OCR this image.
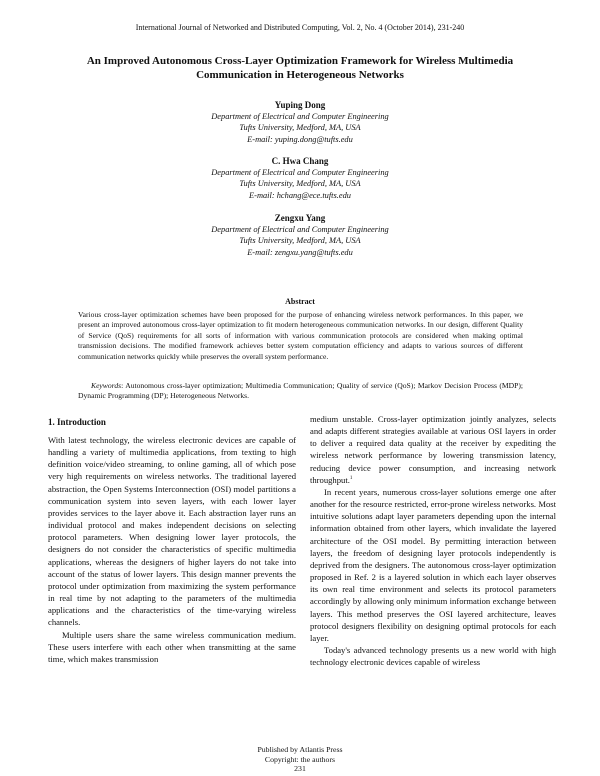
International Journal of Networked and Distributed Computing, Vol. 2, No. 4 (October 2014), 231-240
An Improved Autonomous Cross-Layer Optimization Framework for Wireless Multimedia
Communication in Heterogeneous Networks
Yuping Dong
Department of Electrical and Computer Engineering
Tufts University, Medford, MA, USA
E-mail: yuping.dong@tufts.edu
C. Hwa Chang
Department of Electrical and Computer Engineering
Tufts University, Medford, MA, USA
E-mail: hchang@ece.tufts.edu
Zengxu Yang
Department of Electrical and Computer Engineering
Tufts University, Medford, MA, USA
E-mail: zengxu.yang@tufts.edu
Abstract
Various cross-layer optimization schemes have been proposed for the purpose of enhancing wireless network performances. In this paper, we present an improved autonomous cross-layer optimization to fit modern heterogeneous communication networks. In our design, different Quality of Service (QoS) requirements for all sorts of information with various communication protocols are considered when making optimal transmission decisions. The modified framework achieves better system computation efficiency and adapts to various sources of different communication networks quickly while preserves the overall system performance.
Keywords: Autonomous cross-layer optimization; Multimedia Communication; Quality of service (QoS); Markov Decision Process (MDP); Dynamic Programming (DP); Heterogeneous Networks.
1. Introduction

With latest technology, the wireless electronic devices are capable of handling a variety of multimedia applications, from texting to high definition voice/video streaming, to online gaming, all of which pose very high requirements on wireless networks. The traditional layered abstraction, the Open Systems Interconnection (OSI) model partitions a communication system into seven layers, with each lower layer provides services to the layer above it. Each abstraction layer runs an individual protocol and makes independent decisions on selecting protocol parameters. When designing lower layer protocols, the designers do not consider the characteristics of specific multimedia applications, whereas the designers of higher layers do not take into account of the status of lower layers. This design manner prevents the protocol under optimization from maximizing the system performance in real time by not adapting to the parameters of the multimedia applications and the characteristics of the time-varying wireless channels.

Multiple users share the same wireless communication medium. These users interfere with each other when transmitting at the same time, which makes transmission

medium unstable. Cross-layer optimization jointly analyzes, selects and adapts different strategies available at various OSI layers in order to deliver a required data quality at the receiver by expediting the wireless network performance by lowering transmission latency, reducing device power consumption, and increasing network throughput.$^1$

In recent years, numerous cross-layer solutions emerge one after another for the resource restricted, error-prone wireless networks. Most intuitive solutions adapt layer parameters depending upon the internal information obtained from other layers, which invalidate the layered architecture of the OSI model. By permitting interaction between layers, the freedom of designing layer protocols independently is deprived from the designers. The autonomous cross-layer optimization proposed in Ref. 2 is a layered solution in which each layer observes its own real time environment and selects its protocol parameters accordingly by allowing only minimum information exchange between layers. This method preserves the OSI layered architecture, leaves protocol designers flexibility on designing optimal protocols for each layer.

Today's advanced technology presents us a new world with high technology electronic devices capable of wireless

Published by Atlantis Press
Copyright: the authors
231
